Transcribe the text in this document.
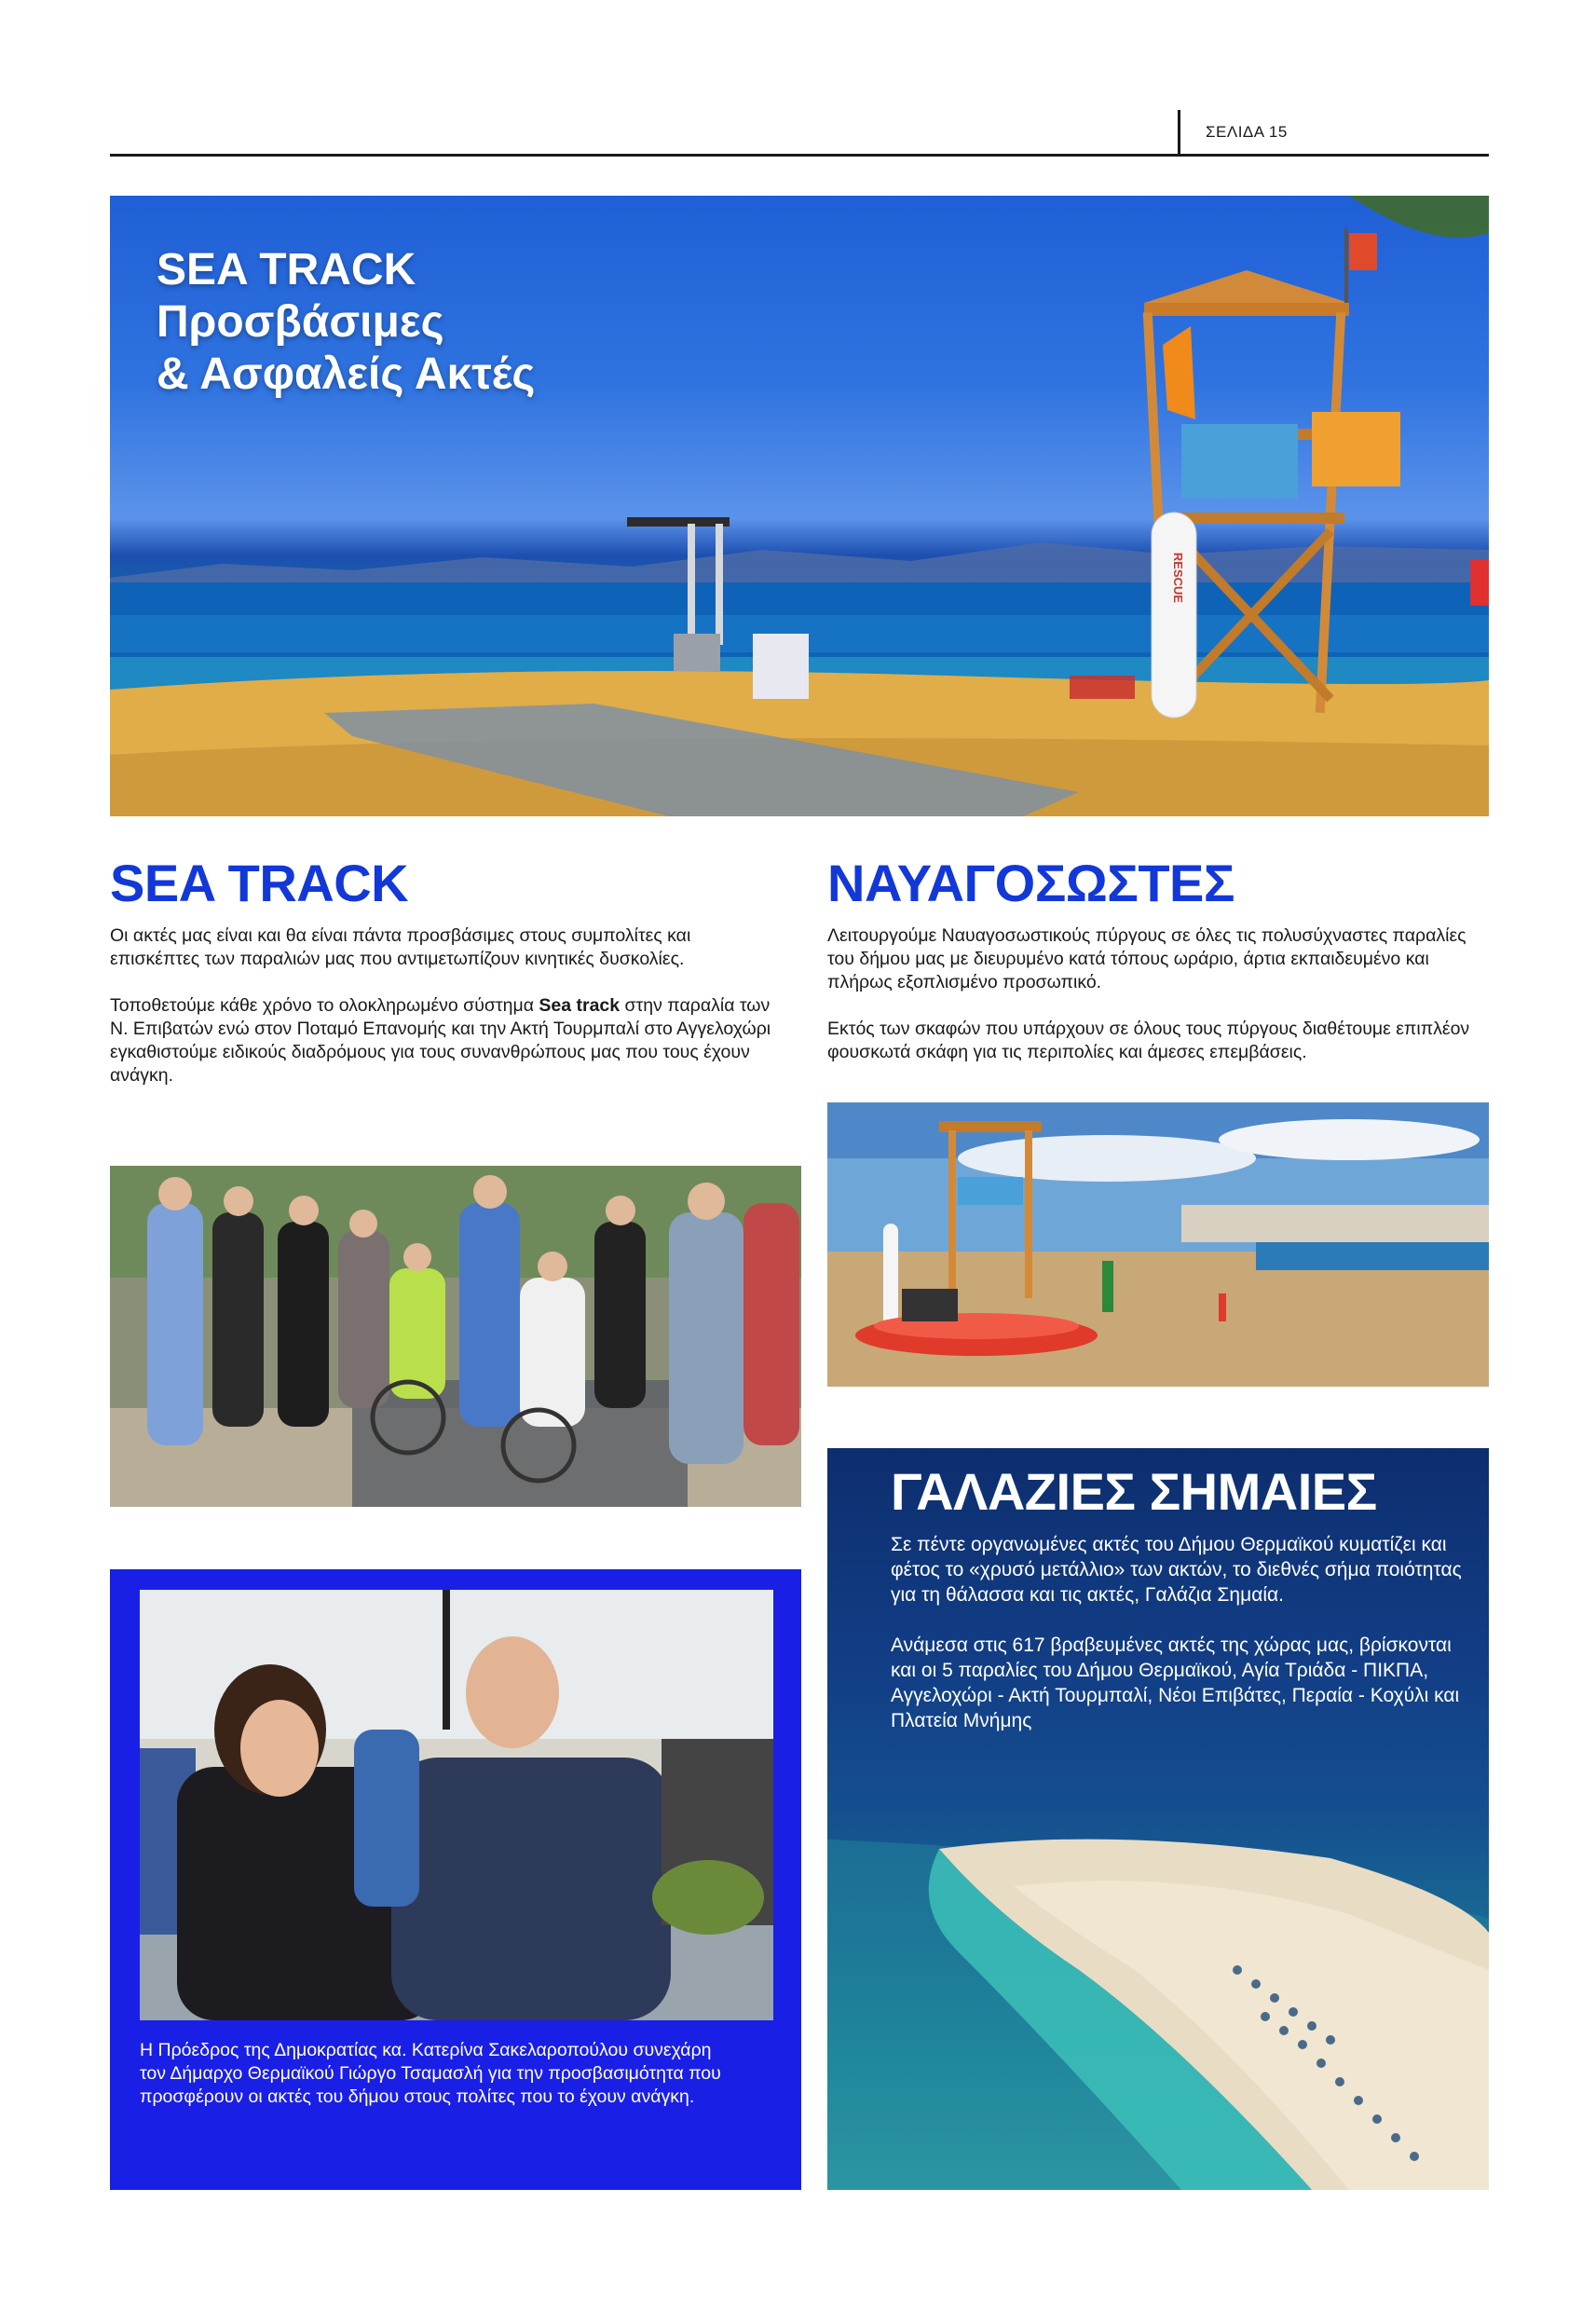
ΣΕΛΙΔΑ 15
RESCUE
SEA TRACK
Προσβάσιμες
& Ασφαλείς Ακτές
SEA TRACK

Οι ακτές μας είναι και θα είναι πάντα προσβάσιμες στους συμπολίτες και επισκέπτες των παραλιών μας που αντιμετωπίζουν κινητικές δυσκολίες.

Τοποθετούμε κάθε χρόνο το ολοκληρωμένο σύστημα Sea track στην παραλία των Ν. Επιβατών ενώ στον Ποταμό Επανομής και την Ακτή Τουρμπαλί στο Αγγελοχώρι εγκαθιστούμε ειδικούς διαδρόμους για τους συνανθρώπους μας που τους έχουν ανάγκη.

ΝΑΥΑΓΟΣΩΣΤΕΣ

Λειτουργούμε Ναυαγοσωστικούς πύργους σε όλες τις πολυσύχναστες παραλίες του δήμου μας με διευρυμένο κατά τόπους ωράριο, άρτια εκπαιδευμένο και πλήρως εξοπλισμένο προσωπικό.

Εκτός των σκαφών που υπάρχουν σε όλους τους πύργους διαθέτουμε επιπλέον φουσκωτά σκάφη για τις περιπολίες και άμεσες επεμβάσεις.

Η Πρόεδρος της Δημοκρατίας κα. Κατερίνα Σακελαροπούλου συνεχάρη τον Δήμαρχο Θερμαϊκού Γιώργο Τσαμασλή για την προσβασιμότητα που προσφέρουν οι ακτές του δήμου στους πολίτες που το έχουν ανάγκη.
ΓΑΛΑΖΙΕΣ ΣΗΜΑΙΕΣ

Σε πέντε οργανωμένες ακτές του Δήμου Θερμαϊκού κυματίζει και φέτος το «χρυσό μετάλλιο» των ακτών, το διεθνές σήμα ποιότητας για τη θάλασσα και τις ακτές, Γαλάζια Σημαία.

Ανάμεσα στις 617 βραβευμένες ακτές της χώρας μας, βρίσκονται και οι 5 παραλίες του Δήμου Θερμαϊκού, Αγία Τριάδα - ΠΙΚΠΑ, Αγγελοχώρι - Ακτή Τουρμπαλί, Νέοι Επιβάτες, Περαία - Κοχύλι και Πλατεία Μνήμης
